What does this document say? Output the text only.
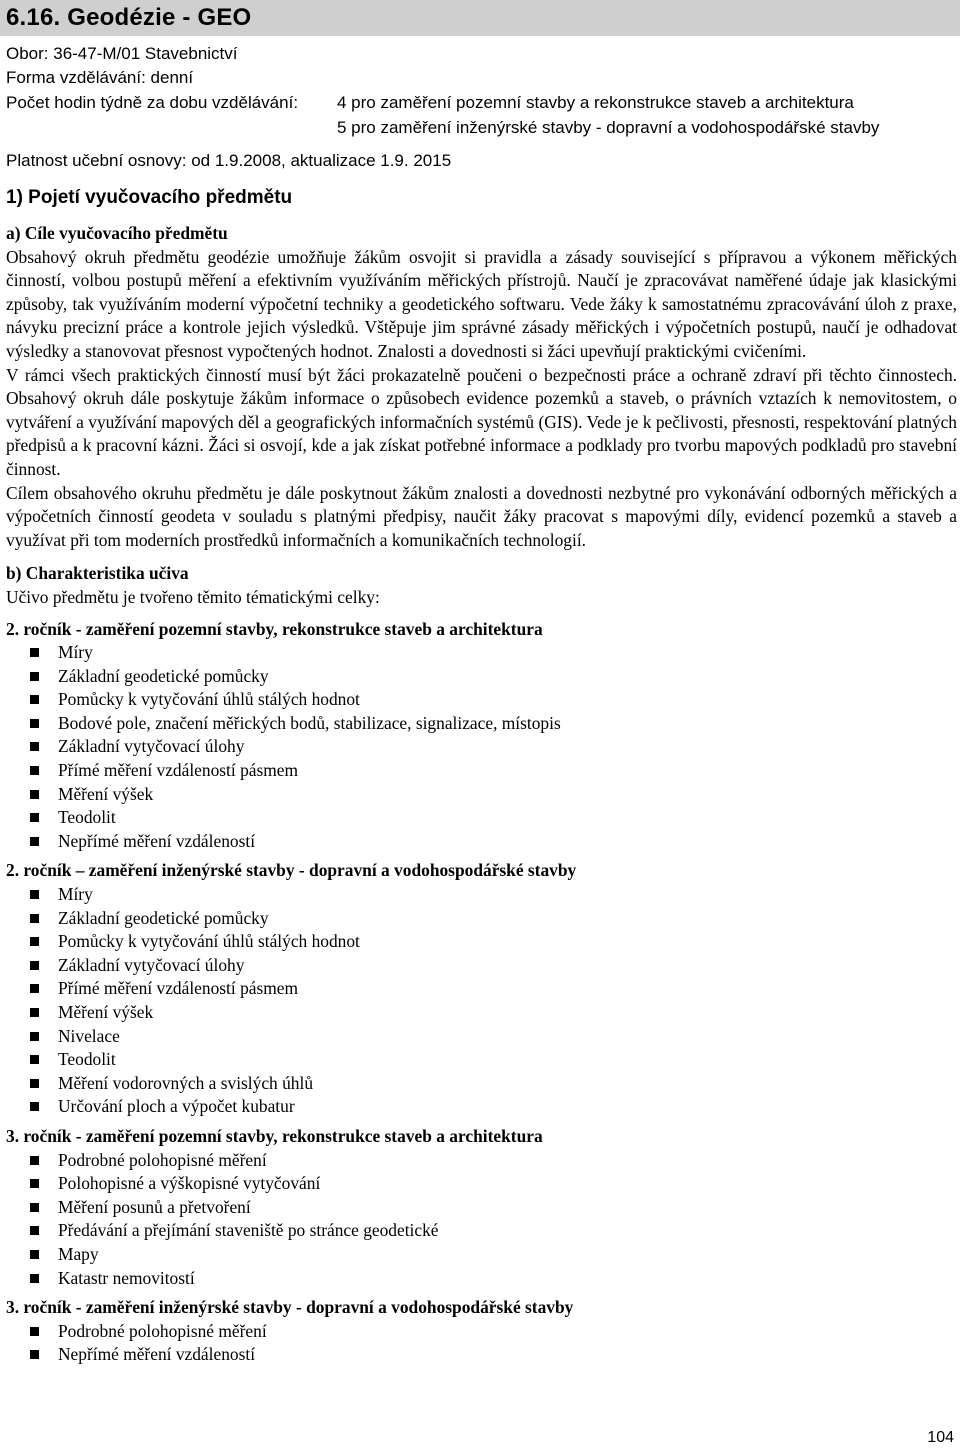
6.16. Geodézie - GEO
Obor: 36-47-M/01 Stavebnictví
Forma vzdělávání: denní
Počet hodin týdně za dobu vzdělávání: 4 pro zaměření pozemní stavby a rekonstrukce staveb a architektura
5 pro zaměření inženýrské stavby - dopravní a vodohospodářské stavby
Platnost učební osnovy: od 1.9.2008, aktualizace 1.9. 2015
1) Pojetí vyučovacího předmětu
a) Cíle vyučovacího předmětu

Obsahový okruh předmětu geodézie umožňuje žákům osvojit si pravidla a zásady související s přípravou a výkonem měřických činností, volbou postupů měření a efektivním využíváním měřických přístrojů. Naučí je zpracovávat naměřené údaje jak klasickými způsoby, tak využíváním moderní výpočetní techniky a geodetického softwaru. Vede žáky k samostatnému zpracovávání úloh z praxe, návyku precizní práce a kontrole jejich výsledků. Vštěpuje jim správné zásady měřických i výpočetních postupů, naučí je odhadovat výsledky a stanovovat přesnost vypočtených hodnot. Znalosti a dovednosti si žáci upevňují praktickými cvičeními.

V rámci všech praktických činností musí být žáci prokazatelně poučeni o bezpečnosti práce a ochraně zdraví při těchto činnostech. Obsahový okruh dále poskytuje žákům informace o způsobech evidence pozemků a staveb, o právních vztazích k nemovitostem, o vytváření a využívání mapových děl a geografických informačních systémů (GIS). Vede je k pečlivosti, přesnosti, respektování platných předpisů a k pracovní kázni. Žáci si osvojí, kde a jak získat potřebné informace a podklady pro tvorbu mapových podkladů pro stavební činnost.

Cílem obsahového okruhu předmětu je dále poskytnout žákům znalosti a dovednosti nezbytné pro vykonávání odborných měřických a výpočetních činností geodeta v souladu s platnými předpisy, naučit žáky pracovat s mapovými díly, evidencí pozemků a staveb a využívat při tom moderních prostředků informačních a komunikačních technologií.

b) Charakteristika učiva
Učivo předmětu je tvořeno těmito tématickými celky:
2. ročník - zaměření pozemní stavby, rekonstrukce staveb a architektura
Míry
Základní geodetické pomůcky
Pomůcky k vytyčování úhlů stálých hodnot
Bodové pole, značení měřických bodů, stabilizace, signalizace, místopis
Základní vytyčovací úlohy
Přímé měření vzdáleností pásmem
Měření výšek
Teodolit
Nepřímé měření vzdáleností
2. ročník – zaměření inženýrské stavby - dopravní a vodohospodářské stavby
Míry
Základní geodetické pomůcky
Pomůcky k vytyčování úhlů stálých hodnot
Základní vytyčovací úlohy
Přímé měření vzdáleností pásmem
Měření výšek
Nivelace
Teodolit
Měření vodorovných a svislých úhlů
Určování ploch a výpočet kubatur
3. ročník - zaměření pozemní stavby, rekonstrukce staveb a architektura
Podrobné polohopisné měření
Polohopisné a výškopisné vytyčování
Měření posunů a přetvoření
Předávání a přejímání staveniště po stránce geodetické
Mapy
Katastr nemovitostí
3. ročník - zaměření inženýrské stavby - dopravní a vodohospodářské stavby
Podrobné polohopisné měření
Nepřímé měření vzdáleností
104
